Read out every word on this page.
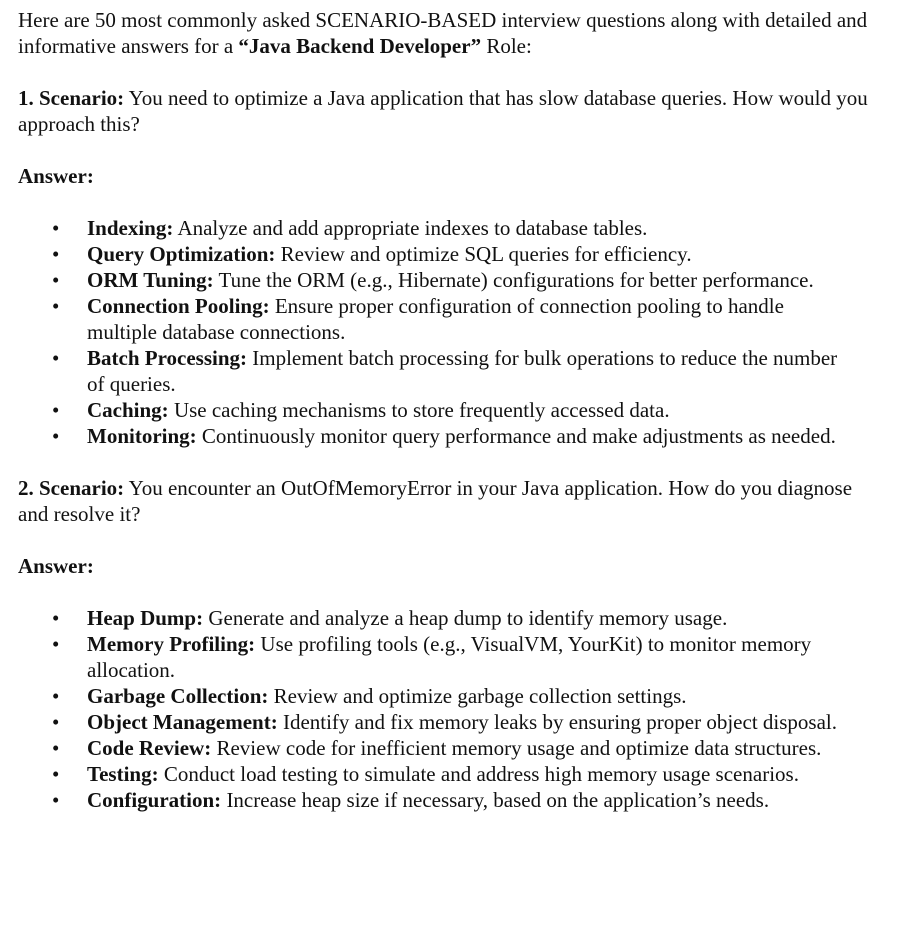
Here are 50 most commonly asked SCENARIO-BASED interview questions along with detailed and informative answers for a “Java Backend Developer” Role:

1. Scenario: You need to optimize a Java application that has slow database queries. How would you approach this?

Answer:

• Indexing: Analyze and add appropriate indexes to database tables.
• Query Optimization: Review and optimize SQL queries for efficiency.
• ORM Tuning: Tune the ORM (e.g., Hibernate) configurations for better performance.
• Connection Pooling: Ensure proper configuration of connection pooling to handle multiple database connections.
• Batch Processing: Implement batch processing for bulk operations to reduce the number of queries.
• Caching: Use caching mechanisms to store frequently accessed data.
• Monitoring: Continuously monitor query performance and make adjustments as needed.

2. Scenario: You encounter an OutOfMemoryError in your Java application. How do you diagnose and resolve it?

Answer:

• Heap Dump: Generate and analyze a heap dump to identify memory usage.
• Memory Profiling: Use profiling tools (e.g., VisualVM, YourKit) to monitor memory allocation.
• Garbage Collection: Review and optimize garbage collection settings.
• Object Management: Identify and fix memory leaks by ensuring proper object disposal.
• Code Review: Review code for inefficient memory usage and optimize data structures.
• Testing: Conduct load testing to simulate and address high memory usage scenarios.
• Configuration: Increase heap size if necessary, based on the application’s needs.
